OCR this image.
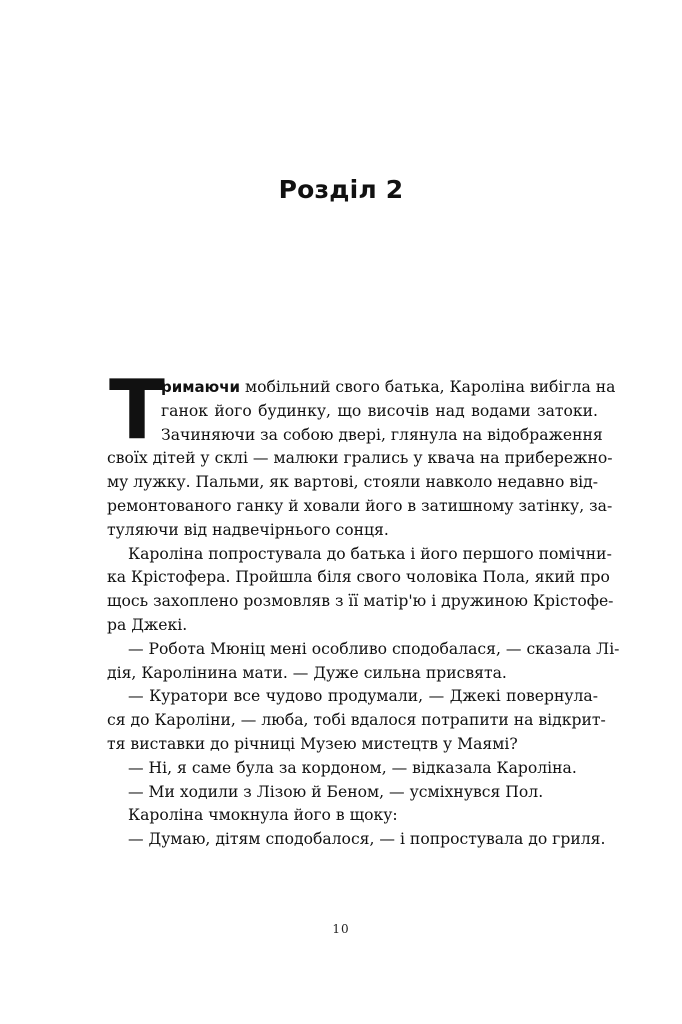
Розділ 2
Т
римаючи мобільний свого батька, Кароліна вибігла на
ганок його будинку, що височів над водами затоки.
Зачиняючи за собою двері, глянула на відображення
своїх дітей у склі — малюки грались у квача на прибережно-
му лужку. Пальми, як вартові, стояли навколо недавно від-
ремонтованого ганку й ховали його в затишному затінку, за-
туляючи від надвечірнього сонця.
Кароліна попростувала до батька і його першого помічни-
ка Крістофера. Пройшла біля свого чоловіка Пола, який про
щось захоплено розмовляв з її матір'ю і дружиною Крістофе-
ра Джекі.
— Робота Мюніц мені особливо сподобалася, — сказала Лі-
дія, Каролінина мати. — Дуже сильна присвята.
— Куратори все чудово продумали, — Джекі повернула-
ся до Кароліни, — люба, тобі вдалося потрапити на відкрит-
тя виставки до річниці Музею мистецтв у Маямі?
— Ні, я саме була за кордоном, — відказала Кароліна.
— Ми ходили з Лізою й Беном, — усміхнувся Пол.
Кароліна чмокнула його в щоку:
— Думаю, дітям сподобалося, — і попростувала до гриля.
10
